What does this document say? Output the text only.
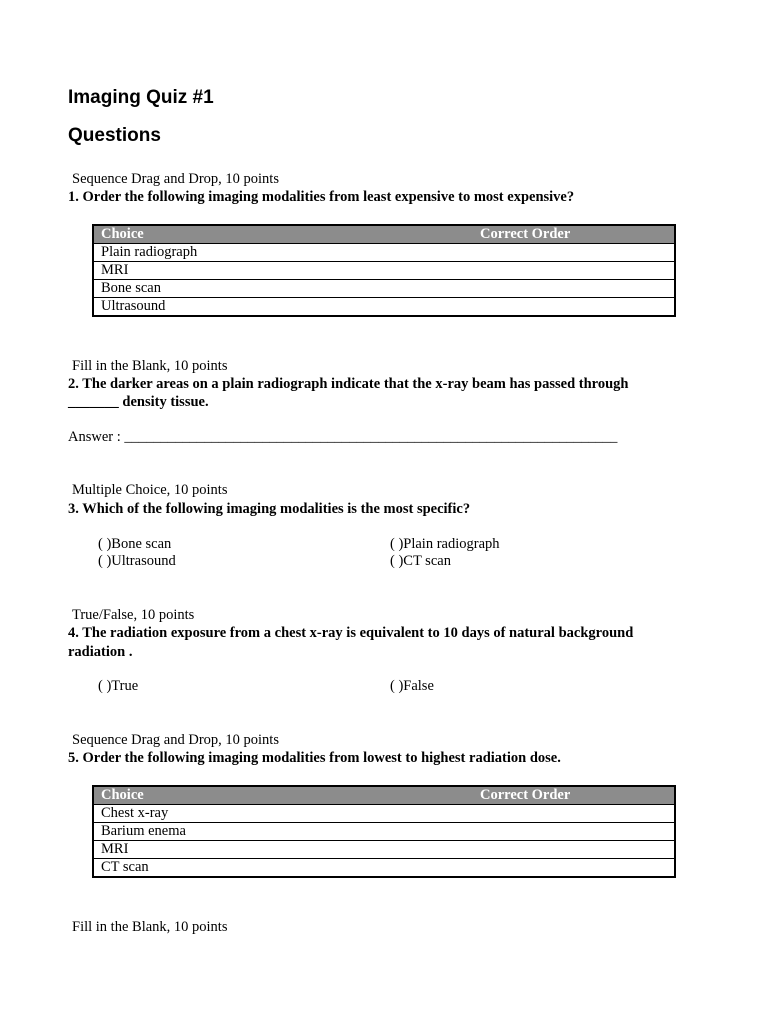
Imaging Quiz #1
Questions
Sequence Drag and Drop, 10 points
1. Order the following imaging modalities from least expensive to most expensive?
Choice	Correct Order
Plain radiograph
MRI
Bone scan
Ultrasound
Fill in the Blank, 10 points
2. The darker areas on a plain radiograph indicate that the x-ray beam has passed through
_______ density tissue.
Answer : ____________________________________________________________________
Multiple Choice, 10 points
3. Which of the following imaging modalities is the most specific?
( )Bone scan	( )Plain radiograph
( )Ultrasound	( )CT scan
True/False, 10 points
4. The radiation exposure from a chest x-ray is equivalent to 10 days of natural background
radiation .
( )True	( )False
Sequence Drag and Drop, 10 points
5. Order the following imaging modalities from lowest to highest radiation dose.
Choice	Correct Order
Chest x-ray
Barium enema
MRI
CT scan
Fill in the Blank, 10 points
